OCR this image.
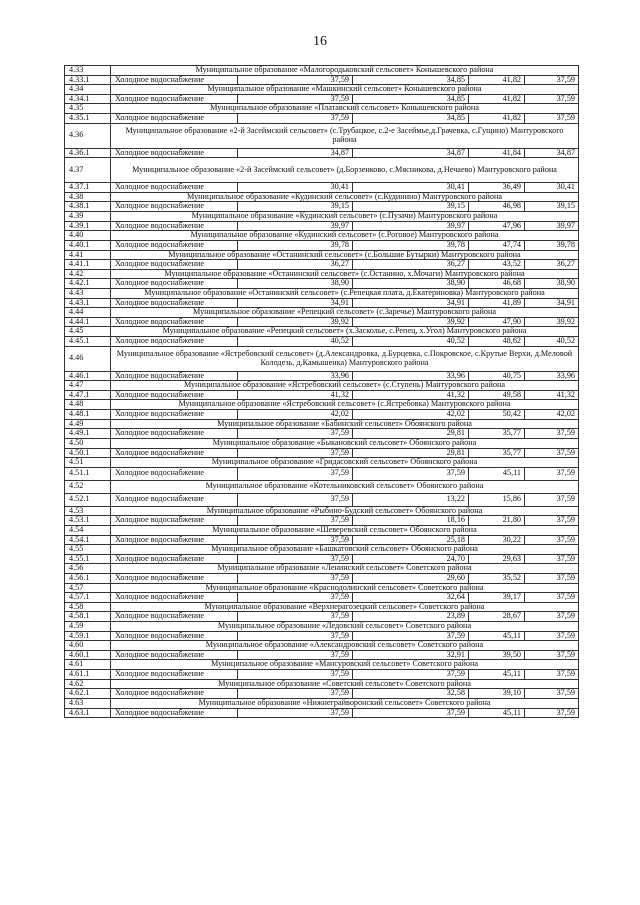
16
4.33	Муниципальное образование «Малогородьковский сельсовет» Конышевского района				
4.33.1	Холодное водоснабжение	37,59	34,85	41,82	37,59
4.34	Муниципальное образование «Машкинский сельсовет» Конышевского района				
4.34.1	Холодное водоснабжение	37,59	34,85	41,82	37,59
4.35	Муниципальное образование «Платавский сельсовет» Конышевского района				
4.35.1	Холодное водоснабжение	37,59	34,85	41,82	37,59
4.36	Муниципальное образование «2-й Засеймский сельсовет» (с.Трубацкое, с.2-е Засеймье,д.Грачевка, с.Гущино) Мантуровского района				
4.36.1	Холодное водоснабжение	34,87	34,87	41,84	34,87
4.37	Муниципальное образование «2-й Засеймский сельсовет» (д.Борзенково, с.Мясникова, д.Нечаево) Мантуровского района				
4.37.1	Холодное водоснабжение	30,41	30,41	36,49	30,41
4.38	Муниципальное образование «Кудинский сельсовет» (с.Кудинино) Мантуровского района				
4.38.1	Холодное водоснабжение	39,15	39,15	46,98	39,15
4.39	Муниципальное образование «Кудинский сельсовет» (с.Пузачи) Мантуровского района				
4.39.1	Холодное водоснабжение	39,97	39,97	47,96	39,97
4.40	Муниципальное образование «Кудинский сельсовет» (с.Роговое) Мантуровского района				
4.40.1	Холодное водоснабжение	39,78	39,78	47,74	39,78
4.41	Муниципальное образование «Останинский сельсовет» (с.Большие Бутырки) Мантуровского района				
4.41.1	Холодное водоснабжение	36,27	36,27	43,52	36,27
4.42	Муниципальное образование «Останинский сельсовет» (с.Останино, х.Мочаги) Мантуровского района				
4.42.1	Холодное водоснабжение	38,90	38,90	46,68	38,90
4.43	Муниципальное образование «Останинский сельсовет» (с.Репецкая плата, д.Екатериновка) Мантуровского района				
4.43.1	Холодное водоснабжение	34,91	34,91	41,89	34,91
4.44	Муниципальное образование «Репецкий сельсовет» (с.Заречье) Мантуровского района				
4.44.1	Холодное водоснабжение	39,92	39,92	47,90	39,92
4.45	Муниципальное образование «Репецкий сельсовет» (х.Засколье, с.Репец, х.Угол) Мантуровского района				
4.45.1	Холодное водоснабжение	40,52	40,52	48,62	40,52
4.46	Муниципальное образование «Ястребовский сельсовет» (д.Александровка, д.Бурцевка, с.Покровское, с.Крутые Верхи, д.Меловой Колодезь, д.Камышенка) Мантуровского района				
4.46.1	Холодное водоснабжение	33,96	33,96	40,75	33,96
4.47	Муниципальное образование «Ястребовский сельсовет» (с.Ступень) Мантуровского района				
4.47.1	Холодное водоснабжение	41,32	41,32	49,58	41,32
4.48	Муниципальное образование «Ястребовский сельсовет» (с.Ястребовка) Мантуровского района				
4.48.1	Холодное водоснабжение	42,02	42,02	50,42	42,02
4.49	Муниципальное образование «Бабинский сельсовет» Обоянского района				
4.49.1	Холодное водоснабжение	37,59	29,81	35,77	37,59
4.50	Муниципальное образование «Быкановский сельсовет» Обоянского района				
4.50.1	Холодное водоснабжение	37,59	29,81	35,77	37,59
4.51	Муниципальное образование «Гридасовский сельсовет» Обоянского района				
4.51.1	Холодное водоснабжение	37,59	37,59	45,11	37,59
4.52	Муниципальное образование «Котельниковский сельсовет» Обоянского района				
4.52.1	Холодное водоснабжение	37,59	13,22	15,86	37,59
4.53	Муниципальное образование «Рыбино-Будский сельсовет» Обоянского района				
4.53.1	Холодное водоснабжение	37,59	18,16	21,80	37,59
4.54	Муниципальное образование «Шеверевский сельсовет» Обоянского района				
4.54.1	Холодное водоснабжение	37,59	25,18	30,22	37,59
4.55	Муниципальное образование «Башкатовский сельсовет» Обоянского района				
4.55.1	Холодное водоснабжение	37,59	24,70	29,63	37,59
4.56	Муниципальное образование «Ленинский сельсовет» Советского района				
4.56.1	Холодное водоснабжение	37,59	29,60	35,52	37,59
4.57	Муниципальное образование «Краснодолинский сельсовет» Советского района				
4.57.1	Холодное водоснабжение	37,59	32,64	39,17	37,59
4.58	Муниципальное образование «Верхнерагозецкий сельсовет» Советского района				
4.58.1	Холодное водоснабжение	37,59	23,89	28,67	37,59
4.59	Муниципальное образование «Ледовский сельсовет» Советского района				
4.59.1	Холодное водоснабжение	37,59	37,59	45,11	37,59
4.60	Муниципальное образование «Александровский сельсовет» Советского района				
4.60.1	Холодное водоснабжение	37,59	32,91	39,50	37,59
4.61	Муниципальное образование «Мансуровский сельсовет» Советского района				
4.61.1	Холодное водоснабжение	37,59	37,59	45,11	37,59
4.62	Муниципальное образование «Советский сельсовет» Советского района				
4.62.1	Холодное водоснабжение	37,59	32,58	39,10	37,59
4.63	Муниципальное образование «Нижнеграйворонский сельсовет» Советского района				
4.63.1	Холодное водоснабжение	37,59	37,59	45,11	37,59
